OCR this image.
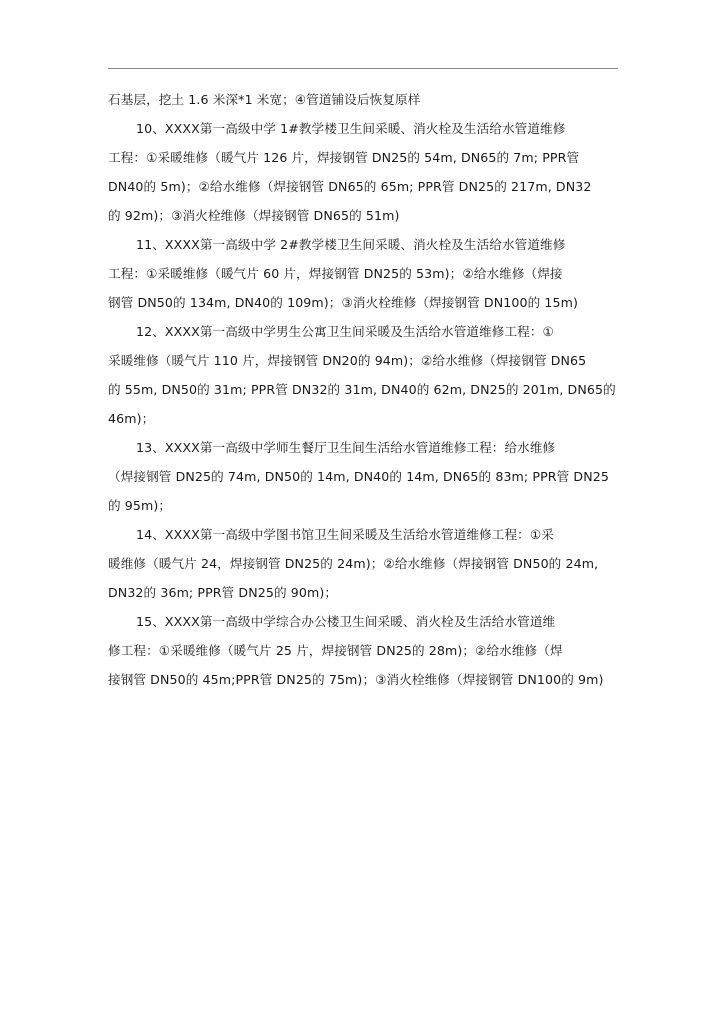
石基层，挖土 1.6 米深*1 米宽；④管道铺设后恢复原样
10、XXXX第一高级中学 1#教学楼卫生间采暖、消火栓及生活给水管道维修
工程：①采暖维修（暖气片 126 片，焊接钢管 DN25的 54m, DN65的 7m; PPR管
DN40的 5m)；②给水维修（焊接钢管 DN65的 65m; PPR管 DN25的 217m, DN32
的 92m)；③消火栓维修（焊接钢管 DN65的 51m)
11、XXXX第一高级中学 2#教学楼卫生间采暖、消火栓及生活给水管道维修
工程：①采暖维修（暖气片 60 片，焊接钢管 DN25的 53m)；②给水维修（焊接
钢管 DN50的 134m, DN40的 109m)；③消火栓维修（焊接钢管 DN100的 15m)
12、XXXX第一高级中学男生公寓卫生间采暖及生活给水管道维修工程：①
采暖维修（暖气片 110 片，焊接钢管 DN20的 94m)；②给水维修（焊接钢管 DN65
的 55m, DN50的 31m; PPR管 DN32的 31m, DN40的 62m, DN25的 201m, DN65的
46m)；
13、XXXX第一高级中学师生餐厅卫生间生活给水管道维修工程：给水维修
（焊接钢管 DN25的 74m, DN50的 14m, DN40的 14m, DN65的 83m; PPR管 DN25
的 95m)；
14、XXXX第一高级中学图书馆卫生间采暖及生活给水管道维修工程：①采
暖维修（暖气片 24，焊接钢管 DN25的 24m)；②给水维修（焊接钢管 DN50的 24m,
DN32的 36m; PPR管 DN25的 90m)；
15、XXXX第一高级中学综合办公楼卫生间采暖、消火栓及生活给水管道维
修工程：①采暖维修（暖气片 25 片，焊接钢管 DN25的 28m)；②给水维修（焊
接钢管 DN50的 45m;PPR管 DN25的 75m)；③消火栓维修（焊接钢管 DN100的 9m)
